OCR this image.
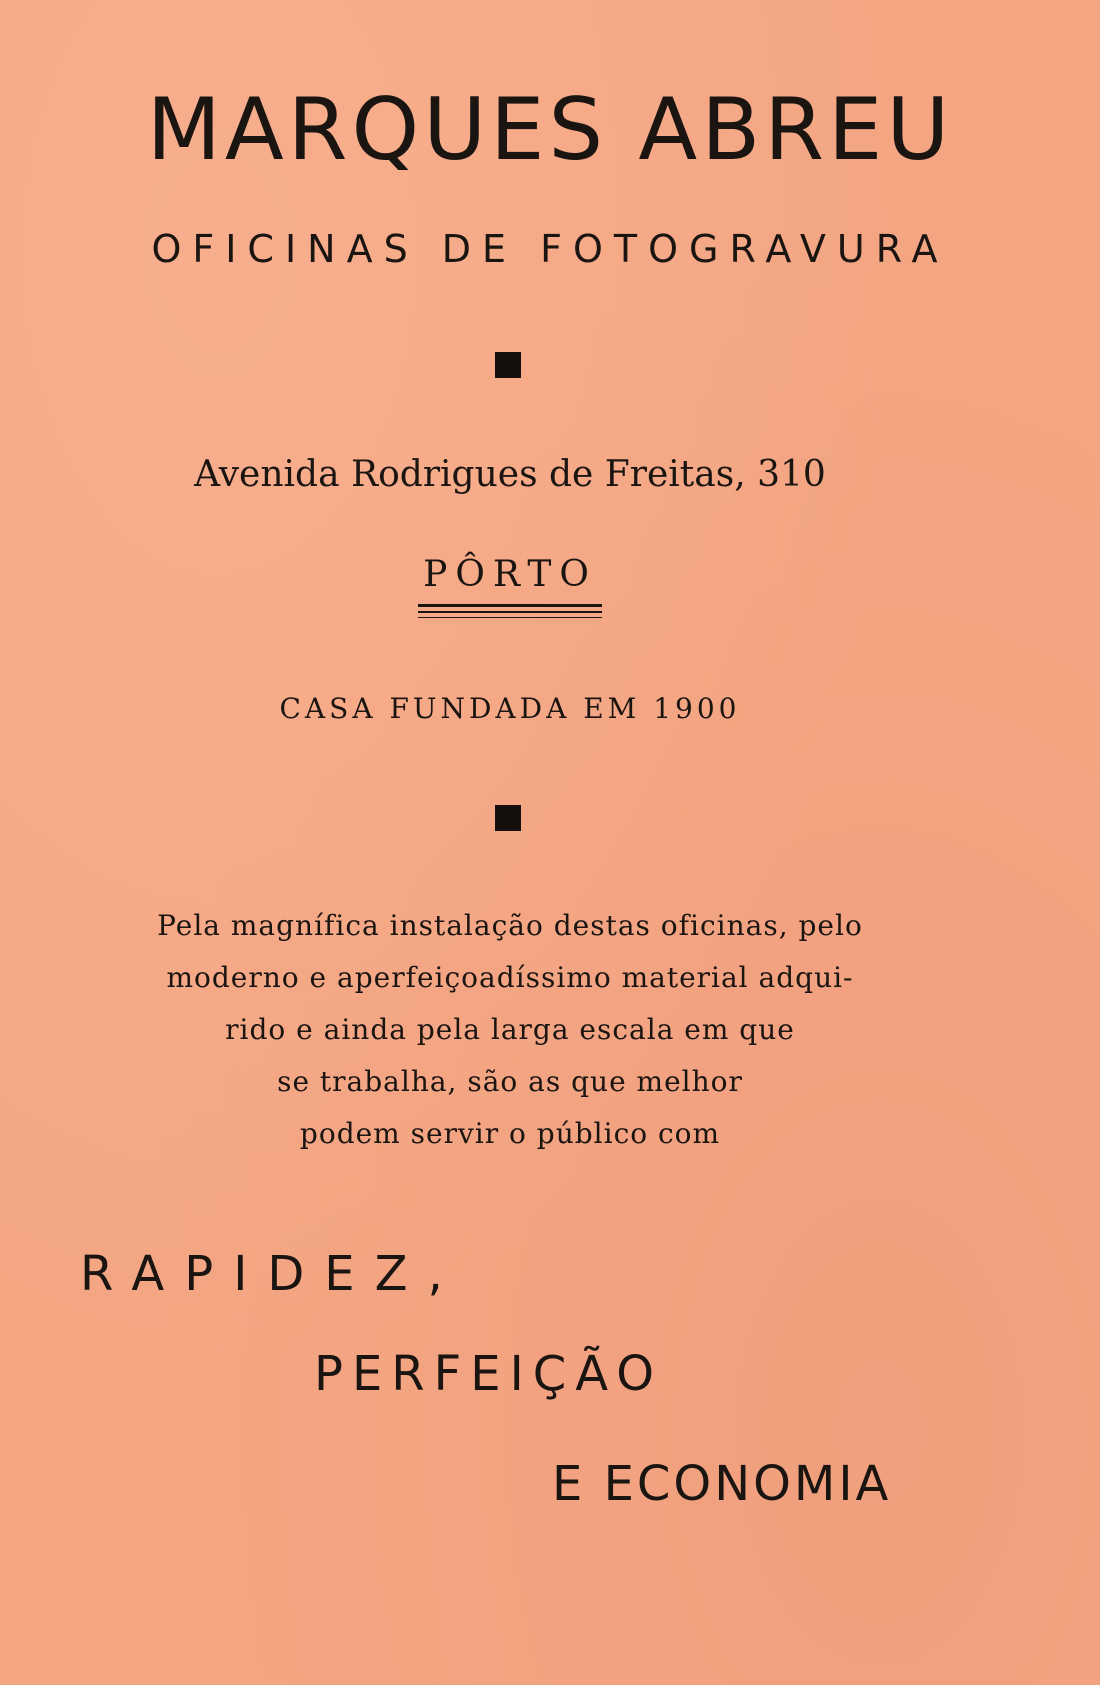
MARQUES ABREU
OFICINAS DE FOTOGRAVURA
Avenida Rodrigues de Freitas, 310
PÔRTO
CASA FUNDADA EM 1900
Pela magnífica instalação destas oficinas, pelo
moderno e aperfeiçoadíssimo material adqui-
rido e ainda pela larga escala em que
se trabalha, são as que melhor
podem servir o público com
RAPIDEZ,
PERFEIÇÃO
E ECONOMIA
